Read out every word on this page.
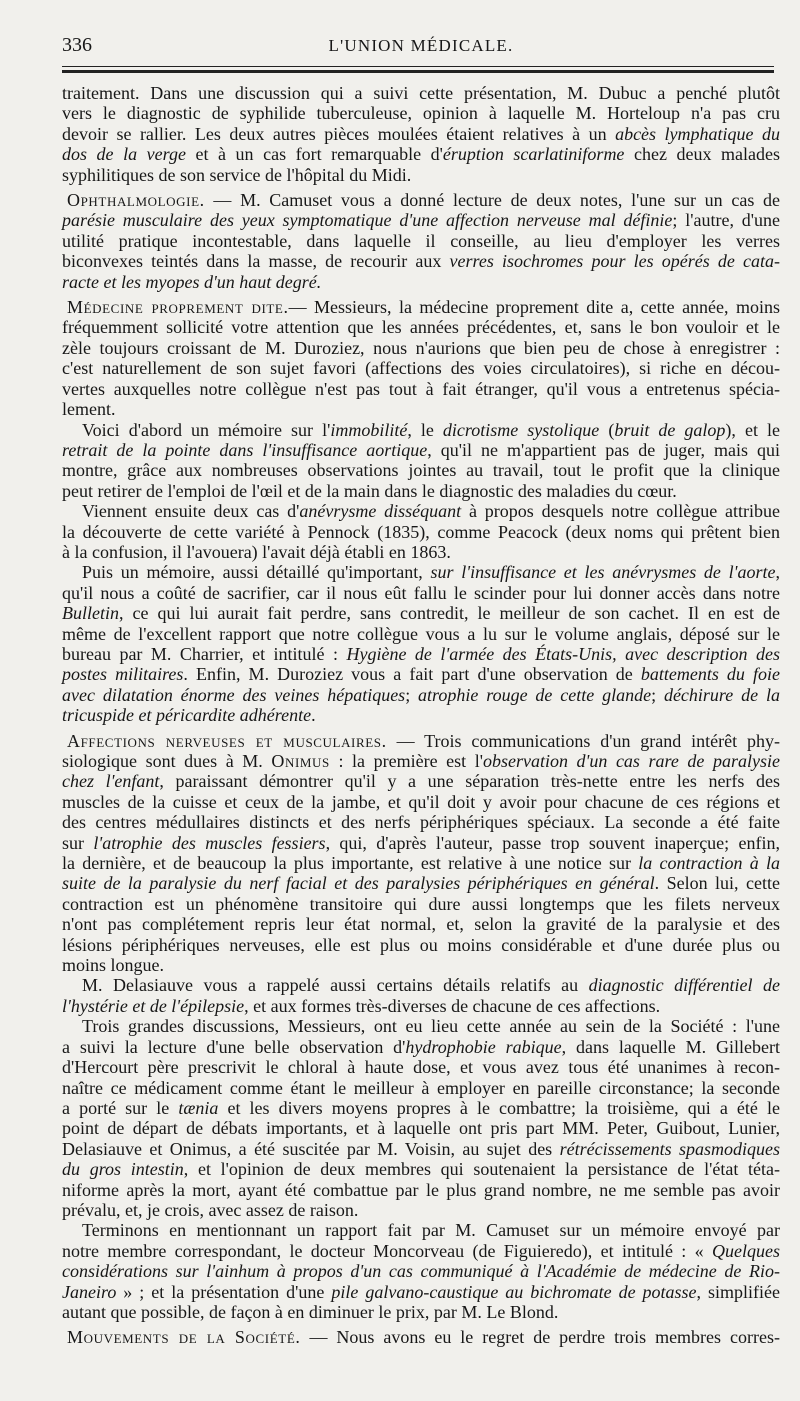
336	L'UNION MÉDICALE.
traitement. Dans une discussion qui a suivi cette présentation, M. Dubuc a penché plutôt
vers le diagnostic de syphilide tuberculeuse, opinion à laquelle M. Horteloup n'a pas cru
devoir se rallier. Les deux autres pièces moulées étaient relatives à un abcès lymphatique du
dos de la verge et à un cas fort remarquable d'éruption scarlatiniforme chez deux malades
syphilitiques de son service de l'hôpital du Midi.
Ophthalmologie. — M. Camuset vous a donné lecture de deux notes, l'une sur un cas de
parésie musculaire des yeux symptomatique d'une affection nerveuse mal définie; l'autre, d'une
utilité pratique incontestable, dans laquelle il conseille, au lieu d'employer les verres
biconvexes teintés dans la masse, de recourir aux verres isochromes pour les opérés de cata-
racte et les myopes d'un haut degré.
Médecine proprement dite.— Messieurs, la médecine proprement dite a, cette année, moins
fréquemment sollicité votre attention que les années précédentes, et, sans le bon vouloir et le
zèle toujours croissant de M. Duroziez, nous n'aurions que bien peu de chose à enregistrer :
c'est naturellement de son sujet favori (affections des voies circulatoires), si riche en décou-
vertes auxquelles notre collègue n'est pas tout à fait étranger, qu'il vous a entretenus spécia-
lement.
Voici d'abord un mémoire sur l'immobilité, le dicrotisme systolique (bruit de galop), et le
retrait de la pointe dans l'insuffisance aortique, qu'il ne m'appartient pas de juger, mais qui
montre, grâce aux nombreuses observations jointes au travail, tout le profit que la clinique
peut retirer de l'emploi de l'œil et de la main dans le diagnostic des maladies du cœur.
Viennent ensuite deux cas d'anévrysme disséquant à propos desquels notre collègue attribue
la découverte de cette variété à Pennock (1835), comme Peacock (deux noms qui prêtent bien
à la confusion, il l'avouera) l'avait déjà établi en 1863.
Puis un mémoire, aussi détaillé qu'important, sur l'insuffisance et les anévrysmes de l'aorte,
qu'il nous a coûté de sacrifier, car il nous eût fallu le scinder pour lui donner accès dans notre
Bulletin, ce qui lui aurait fait perdre, sans contredit, le meilleur de son cachet. Il en est de
même de l'excellent rapport que notre collègue vous a lu sur le volume anglais, déposé sur le
bureau par M. Charrier, et intitulé : Hygiène de l'armée des États-Unis, avec description des
postes militaires. Enfin, M. Duroziez vous a fait part d'une observation de battements du foie
avec dilatation énorme des veines hépatiques; atrophie rouge de cette glande; déchirure de la
tricuspide et péricardite adhérente.
Affections nerveuses et musculaires. — Trois communications d'un grand intérêt phy-
siologique sont dues à M. Onimus : la première est l'observation d'un cas rare de paralysie
chez l'enfant, paraissant démontrer qu'il y a une séparation très-nette entre les nerfs des
muscles de la cuisse et ceux de la jambe, et qu'il doit y avoir pour chacune de ces régions et
des centres médullaires distincts et des nerfs périphériques spéciaux. La seconde a été faite
sur l'atrophie des muscles fessiers, qui, d'après l'auteur, passe trop souvent inaperçue; enfin,
la dernière, et de beaucoup la plus importante, est relative à une notice sur la contraction à la
suite de la paralysie du nerf facial et des paralysies périphériques en général. Selon lui, cette
contraction est un phénomène transitoire qui dure aussi longtemps que les filets nerveux
n'ont pas complétement repris leur état normal, et, selon la gravité de la paralysie et des
lésions périphériques nerveuses, elle est plus ou moins considérable et d'une durée plus ou
moins longue.
M. Delasiauve vous a rappelé aussi certains détails relatifs au diagnostic différentiel de
l'hystérie et de l'épilepsie, et aux formes très-diverses de chacune de ces affections.
Trois grandes discussions, Messieurs, ont eu lieu cette année au sein de la Société : l'une
a suivi la lecture d'une belle observation d'hydrophobie rabique, dans laquelle M. Gillebert
d'Hercourt père prescrivit le chloral à haute dose, et vous avez tous été unanimes à recon-
naître ce médicament comme étant le meilleur à employer en pareille circonstance; la seconde
a porté sur le tænia et les divers moyens propres à le combattre; la troisième, qui a été le
point de départ de débats importants, et à laquelle ont pris part MM. Peter, Guibout, Lunier,
Delasiauve et Onimus, a été suscitée par M. Voisin, au sujet des rétrécissements spasmodiques
du gros intestin, et l'opinion de deux membres qui soutenaient la persistance de l'état téta-
niforme après la mort, ayant été combattue par le plus grand nombre, ne me semble pas avoir
prévalu, et, je crois, avec assez de raison.
Terminons en mentionnant un rapport fait par M. Camuset sur un mémoire envoyé par
notre membre correspondant, le docteur Moncorveau (de Figuieredo), et intitulé : « Quelques
considérations sur l'ainhum à propos d'un cas communiqué à l'Académie de médecine de Rio-
Janeiro » ; et la présentation d'une pile galvano-caustique au bichromate de potasse, simplifiée
autant que possible, de façon à en diminuer le prix, par M. Le Blond.
Mouvements de la Société. — Nous avons eu le regret de perdre trois membres corres-
